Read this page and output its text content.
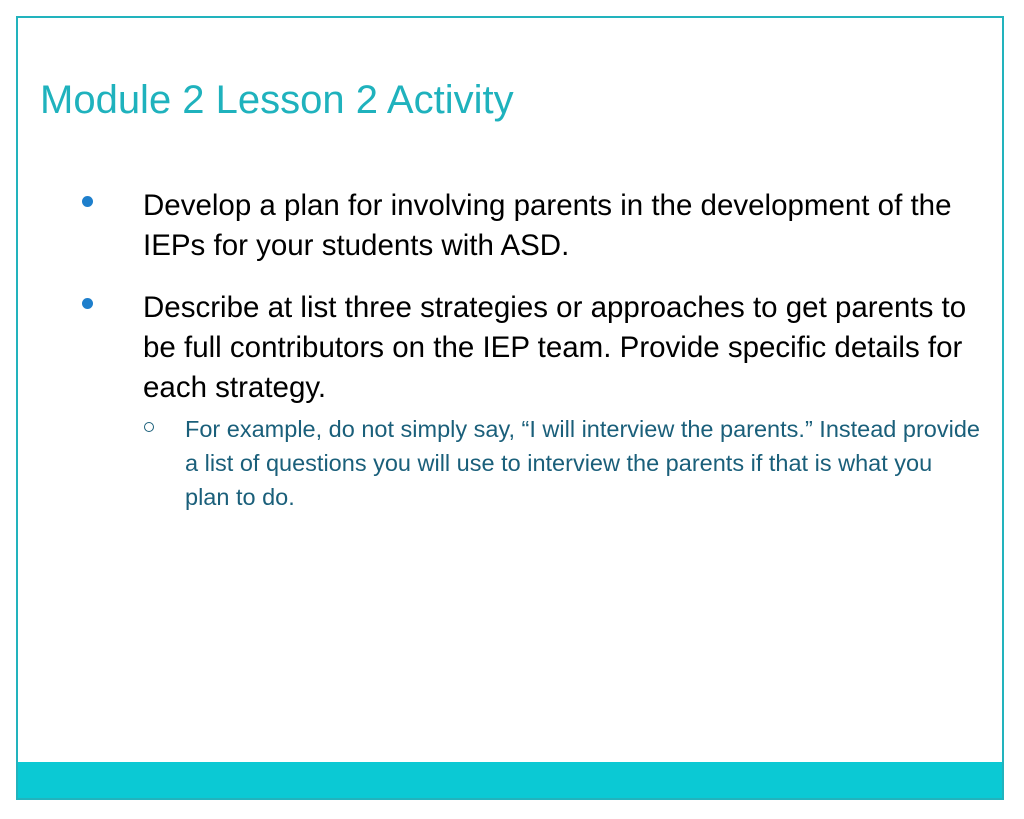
Module 2 Lesson 2 Activity
Develop a plan for involving parents in the development of the IEPs for your students with ASD.
Describe at list three strategies or approaches to get parents to be full contributors on the IEP team. Provide specific details for each strategy.
For example, do not simply say, “I will interview the parents.” Instead provide a list of questions you will use to interview the parents if that is what you plan to do.
